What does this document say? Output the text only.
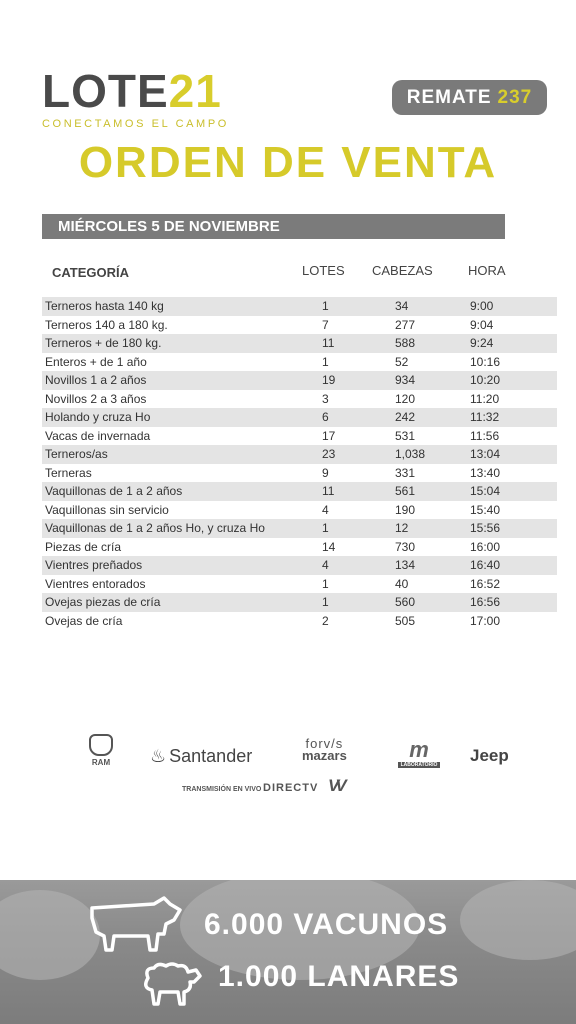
LOTE21
CONECTAMOS EL CAMPO
REMATE 237
ORDEN DE VENTA
MIÉRCOLES 5 DE NOVIEMBRE
CATEGORÍA	LOTES CABEZAS	HORA
Terneros hasta 140 kg	1	34	9:00
Terneros 140 a 180 kg.	7	277	9:04
Terneros + de 180 kg.	11	588	9:24
Enteros + de 1 año	1	52	10:16
Novillos 1 a 2 años	19	934	10:20
Novillos 2 a 3 años	3	120	11:20
Holando y cruza Ho	6	242	11:32
Vacas de invernada	17	531	11:56
Terneros/as	23	1,038	13:04
Terneras	9	331	13:40
Vaquillonas de 1 a 2 años	11	561	15:04
Vaquillonas sin servicio	4	190	15:40
Vaquillonas de 1 a 2 años Ho, y cruza Ho	1	12	15:56
Piezas de cría	14	730	16:00
Vientres preñados	4	134	16:40
Vientres entorados	1	40	16:52
Ovejas piezas de cría	1	560	16:56
Ovejas de cría	2	505	17:00
RAM	♨ Santander
forv/s
mazars	m
LABORATORIO Jeep
TRANSMISIÓN EN VIVO DIRECTV VV
6.000 VACUNOS
1.000 LANARES
